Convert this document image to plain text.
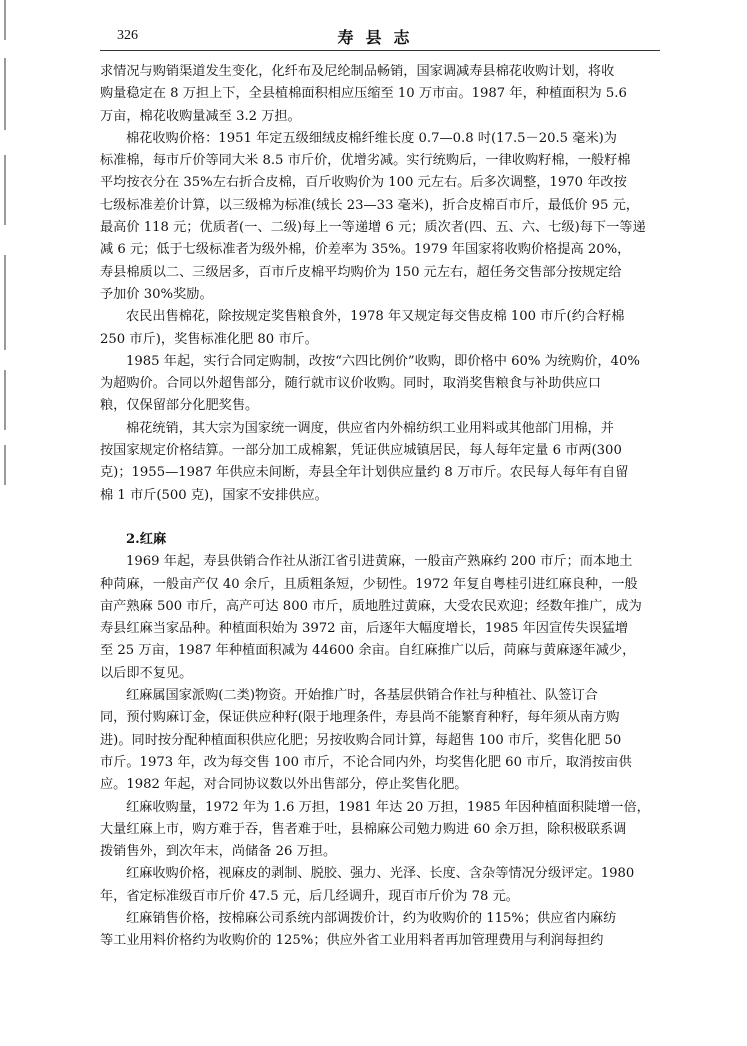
326	寿县志
求情况与购销渠道发生变化，化纤布及尼纶制品畅销，国家调减寿县棉花收购计划，将收
购量稳定在 8 万担上下，全县植棉面积相应压缩至 10 万市亩。1987 年，种植面积为 5.6
万亩，棉花收购量减至 3.2 万担。
棉花收购价格：1951 年定五级细绒皮棉纤维长度 0.7—0.8 吋(17.5－20.5 毫米)为
标准棉，每市斤价等同大米 8.5 市斤价，优增劣减。实行统购后，一律收购籽棉，一般籽棉
平均按衣分在 35%左右折合皮棉，百斤收购价为 100 元左右。后多次调整，1970 年改按
七级标准差价计算，以三级棉为标准(绒长 23—33 毫米)，折合皮棉百市斤，最低价 95 元，
最高价 118 元；优质者(一、二级)每上一等递增 6 元；质次者(四、五、六、七级)每下一等递
减 6 元；低于七级标准者为级外棉，价差率为 35%。1979 年国家将收购价格提高 20%，
寿县棉质以二、三级居多，百市斤皮棉平均购价为 150 元左右，超任务交售部分按规定给
予加价 30%奖励。
农民出售棉花，除按规定奖售粮食外，1978 年又规定每交售皮棉 100 市斤(约合籽棉
250 市斤)，奖售标准化肥 80 市斤。
1985 年起，实行合同定购制，改按“六四比例价”收购，即价格中 60% 为统购价，40%
为超购价。合同以外超售部分，随行就市议价收购。同时，取消奖售粮食与补助供应口
粮，仅保留部分化肥奖售。
棉花统销，其大宗为国家统一调度，供应省内外棉纺织工业用料或其他部门用棉，并
按国家规定价格结算。一部分加工成棉絮，凭证供应城镇居民，每人每年定量 6 市两(300
克)；1955—1987 年供应未间断，寿县全年计划供应量约 8 万市斤。农民每人每年有自留
棉 1 市斤(500 克)，国家不安排供应。
2.红麻
1969 年起，寿县供销合作社从浙江省引进黄麻，一般亩产熟麻约 200 市斤；而本地土
种苘麻，一般亩产仅 40 余斤，且质粗条短，少韧性。1972 年复自粤桂引进红麻良种，一般
亩产熟麻 500 市斤，高产可达 800 市斤，质地胜过黄麻，大受农民欢迎；经数年推广，成为
寿县红麻当家品种。种植面积始为 3972 亩，后逐年大幅度增长，1985 年因宣传失误猛增
至 25 万亩，1987 年种植面积减为 44600 余亩。自红麻推广以后，苘麻与黄麻逐年减少，
以后即不复见。
红麻属国家派购(二类)物资。开始推广时，各基层供销合作社与种植社、队签订合
同，预付购麻订金，保证供应种籽(限于地理条件，寿县尚不能繁育种籽，每年须从南方购
进)。同时按分配种植面积供应化肥；另按收购合同计算，每超售 100 市斤，奖售化肥 50
市斤。1973 年，改为每交售 100 市斤，不论合同内外，均奖售化肥 60 市斤，取消按亩供
应。1982 年起，对合同协议数以外出售部分，停止奖售化肥。
红麻收购量，1972 年为 1.6 万担，1981 年达 20 万担，1985 年因种植面积陡增一倍，
大量红麻上市，购方难于吞，售者难于吐，县棉麻公司勉力购进 60 余万担，除积极联系调
拨销售外，到次年末，尚储备 26 万担。
红麻收购价格，视麻皮的剥制、脱胶、强力、光泽、长度、含杂等情况分级评定。1980
年，省定标准级百市斤价 47.5 元，后几经调升，现百市斤价为 78 元。
红麻销售价格，按棉麻公司系统内部调拨价计，约为收购价的 115%；供应省内麻纺
等工业用料价格约为收购价的 125%；供应外省工业用料者再加管理费用与利润每担约
